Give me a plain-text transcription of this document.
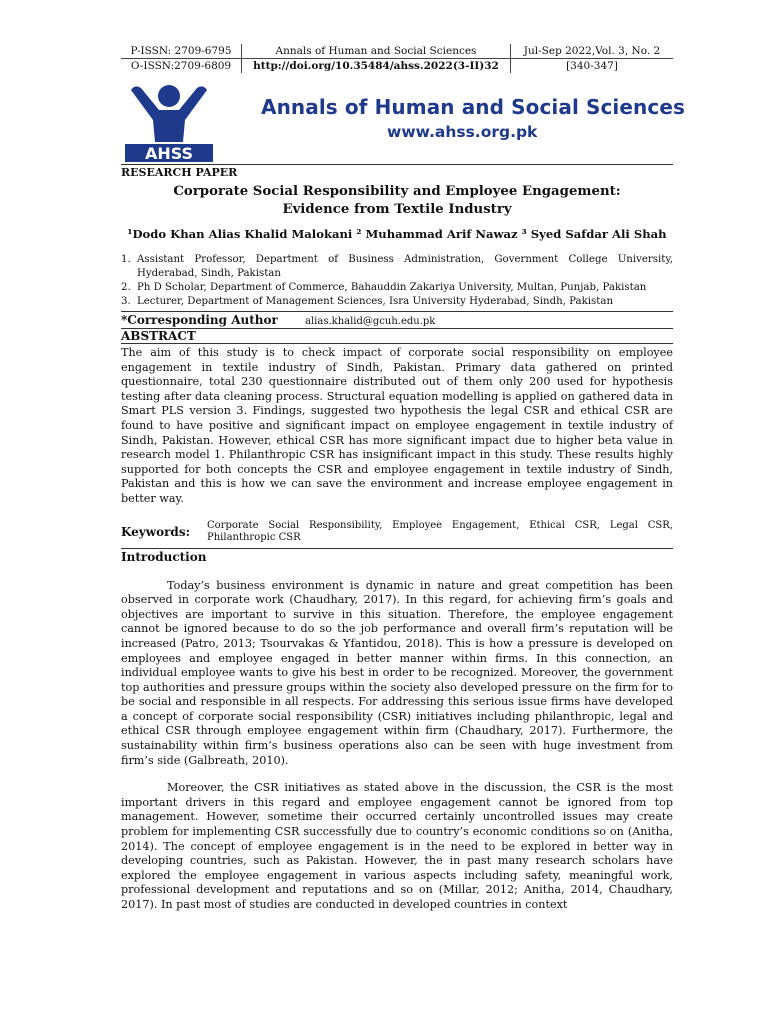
P-ISSN: 2709-6795	Annals of Human and Social Sciences	Jul-Sep 2022,Vol. 3, No. 2
O-ISSN:2709-6809	http://doi.org/10.35484/ahss.2022(3-II)32	[340-347]
AHSS
Annals of Human and Social Sciences
www.ahss.org.pk
RESEARCH PAPER
Corporate Social Responsibility and Employee Engagement:
Evidence from Textile Industry
¹Dodo Khan Alias Khalid Malokani ² Muhammad Arif Nawaz ³ Syed Safdar Ali Shah
1. Assistant Professor, Department of Business Administration, Government College University, Hyderabad, Sindh, Pakistan
2. Ph D Scholar, Department of Commerce, Bahauddin Zakariya University, Multan, Punjab, Pakistan
3. Lecturer, Department of Management Sciences, Isra University Hyderabad, Sindh, Pakistan
*Corresponding Author	alias.khalid@gcuh.edu.pk
ABSTRACT

The aim of this study is to check impact of corporate social responsibility on employee engagement in textile industry of Sindh, Pakistan. Primary data gathered on printed questionnaire, total 230 questionnaire distributed out of them only 200 used for hypothesis testing after data cleaning process. Structural equation modelling is applied on gathered data in Smart PLS version 3. Findings, suggested two hypothesis the legal CSR and ethical CSR are found to have positive and significant impact on employee engagement in textile industry of Sindh, Pakistan. However, ethical CSR has more significant impact due to higher beta value in research model 1. Philanthropic CSR has insignificant impact in this study. These results highly supported for both concepts the CSR and employee engagement in textile industry of Sindh, Pakistan and this is how we can save the environment and increase employee engagement in better way.

Keywords:	Corporate Social Responsibility, Employee Engagement, Ethical CSR, Legal CSR, Philanthropic CSR
Introduction

Today’s business environment is dynamic in nature and great competition has been observed in corporate work (Chaudhary, 2017). In this regard, for achieving firm’s goals and objectives are important to survive in this situation. Therefore, the employee engagement cannot be ignored because to do so the job performance and overall firm’s reputation will be increased (Patro, 2013; Tsourvakas & Yfantidou, 2018). This is how a pressure is developed on employees and employee engaged in better manner within firms. In this connection, an individual employee wants to give his best in order to be recognized. Moreover, the government top authorities and pressure groups within the society also developed pressure on the firm for to be social and responsible in all respects. For addressing this serious issue firms have developed a concept of corporate social responsibility (CSR) initiatives including philanthropic, legal and ethical CSR through employee engagement within firm (Chaudhary, 2017). Furthermore, the sustainability within firm’s business operations also can be seen with huge investment from firm’s side (Galbreath, 2010).

Moreover, the CSR initiatives as stated above in the discussion, the CSR is the most important drivers in this regard and employee engagement cannot be ignored from top management. However, sometime their occurred certainly uncontrolled issues may create problem for implementing CSR successfully due to country’s economic conditions so on (Anitha, 2014). The concept of employee engagement is in the need to be explored in better way in developing countries, such as Pakistan. However, the in past many research scholars have explored the employee engagement in various aspects including safety, meaningful work, professional development and reputations and so on (Millar, 2012; Anitha, 2014, Chaudhary, 2017). In past most of studies are conducted in developed countries in context
